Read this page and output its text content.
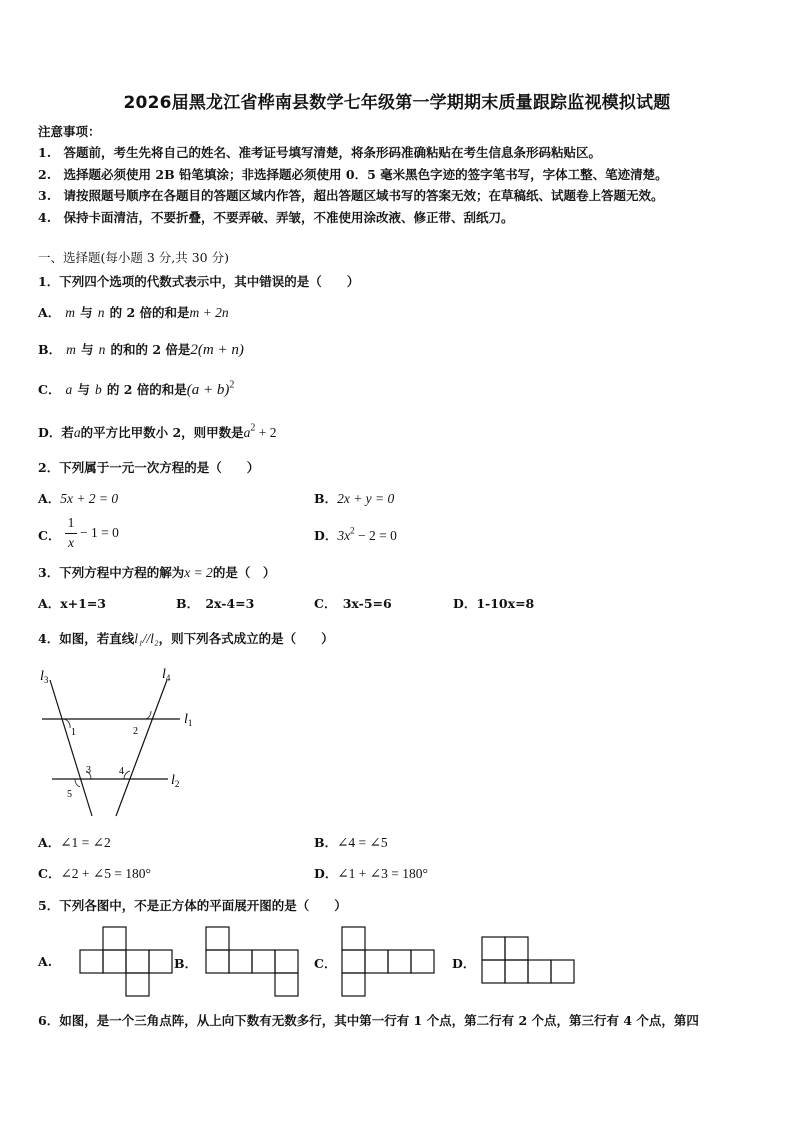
2026届黑龙江省桦南县数学七年级第一学期期末质量跟踪监视模拟试题
注意事项：
1.　答题前，考生先将自己的姓名、准考证号填写清楚，将条形码准确粘贴在考生信息条形码粘贴区。
2.　选择题必须使用 2B 铅笔填涂；非选择题必须使用 0．5 毫米黑色字迹的签字笔书写，字体工整、笔迹清楚。
3.　请按照题号顺序在各题目的答题区域内作答，超出答题区域书写的答案无效；在草稿纸、试题卷上答题无效。
4.　保持卡面清洁，不要折叠，不要弄破、弄皱，不准使用涂改液、修正带、刮纸刀。
一、选择题(每小题 3 分,共 30 分)
1．下列四个选项的代数式表示中，其中错误的是（　　）
A． m 与 n 的 2 倍的和是m + 2n
B． m 与 n 的和的 2 倍是2(m + n)
C． a 与 b 的 2 倍的和是$(a + b)^2$
D．若a的平方比甲数小 2，则甲数是$a^2 + 2$
2．下列属于一元一次方程的是（　　）
A．5x + 2 = 0	B．2x + y = 0
C．
1
x
− 1 = 0	D．$3x^2 - 2 = 0$
3．下列方程中方程的解为x = 2的是（　）
A．x+1=3	B．　2x-4=3	C．　3x-5=6	D．1-10x=8
4．如图，若直线l₁//l₂，则下列各式成立的是（　　）
$l_3$	$l_4$
$l_1$
$l_2$
1	2
3	4
5
A．∠1 = ∠2	B．∠4 = ∠5
C．∠2 + ∠5 = 180°	D．∠1 + ∠3 = 180°
5．下列各图中，不是正方体的平面展开图的是（　　）
A.	B．	C．	D．
6．如图，是一个三角点阵，从上向下数有无数多行，其中第一行有 1 个点，第二行有 2 个点，第三行有 4 个点，第四
